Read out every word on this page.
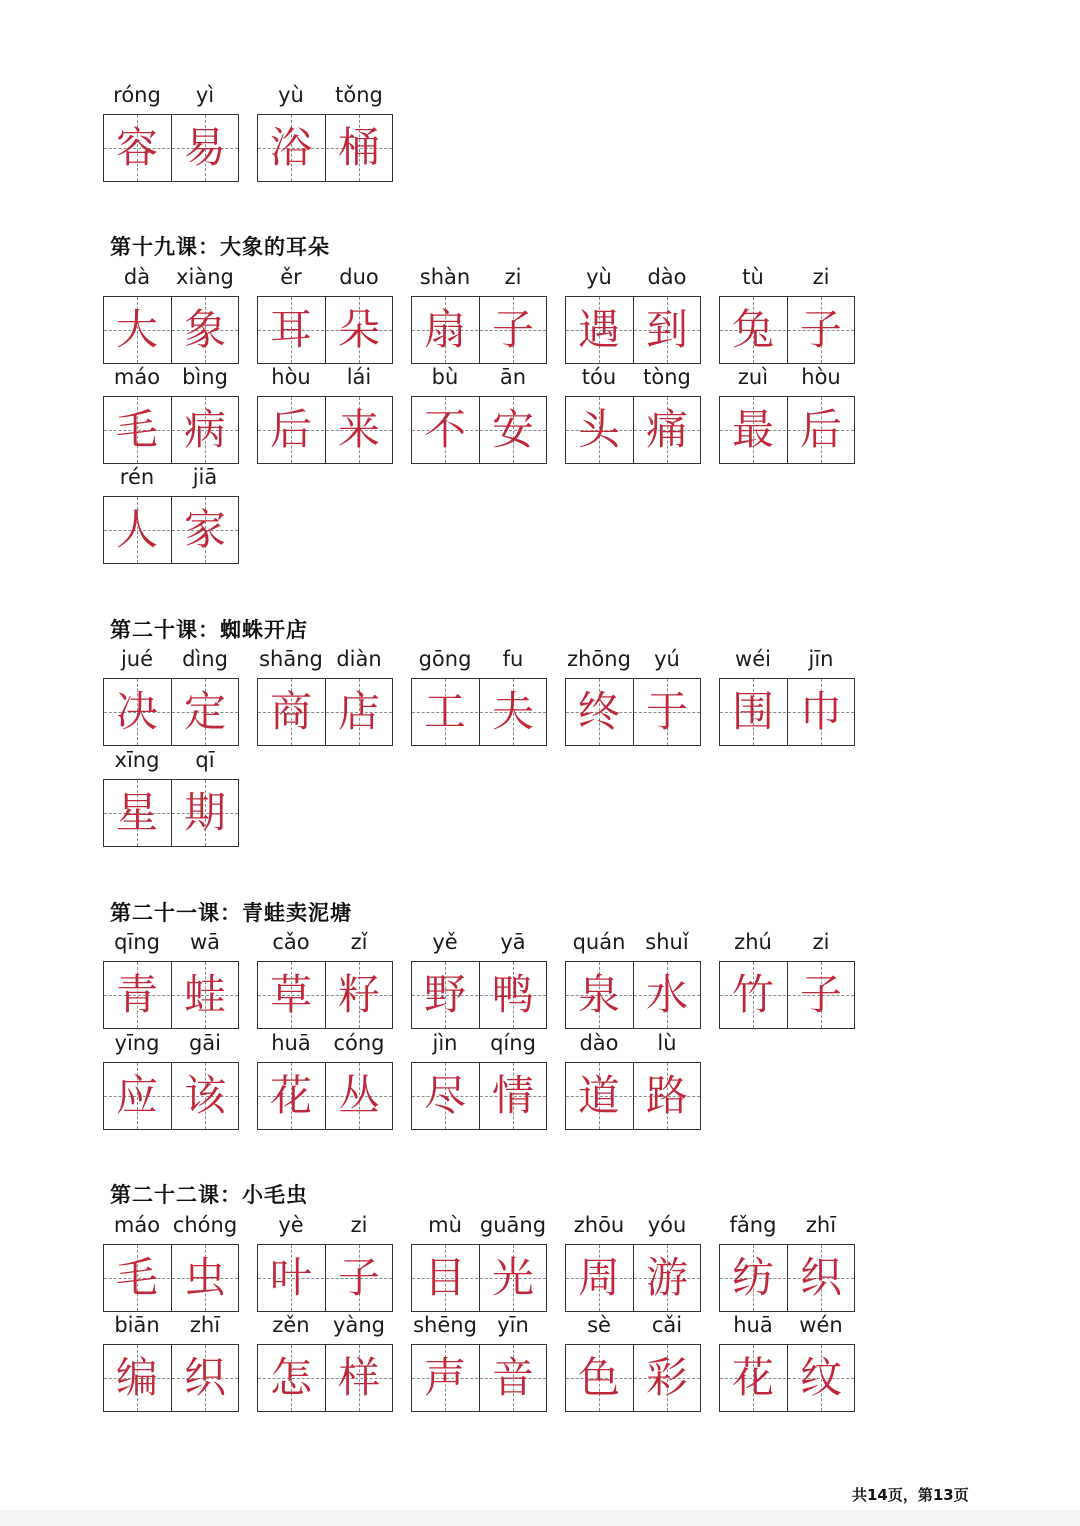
共14页，第13页
róng	yì
容 易
yù	tǒng
浴 桶
第十九课：大象的耳朵
dà	xiàng
大 象
ěr	duo
耳 朵
shàn	zi
扇 子
yù	dào
遇 到
tù	zi
兔 子
máo	bìng
毛 病
hòu	lái
后 来
bù	ān
不 安
tóu	tòng
头 痛
zuì	hòu
最 后
rén	jiā
人 家
第二十课：蜘蛛开店
jué	dìng
决 定
shāng diàn
商 店
gōng	fu
工 夫
zhōng	yú
终 于
wéi	jīn
围 巾
xīng	qī
星 期
第二十一课：青蛙卖泥塘
qīng	wā
青 蛙
cǎo	zǐ
草 籽
yě	yā
野 鸭
quán shuǐ
泉 水
zhú	zi
竹 子
yīng	gāi
应 该
huā	cóng
花 丛
jìn	qíng
尽 情
dào	lù
道 路
第二十二课：小毛虫
máo chóng
毛 虫
yè	zi
叶 子
mù guāng
目 光
zhōu	yóu
周 游
fǎng	zhī
纺 织
biān	zhī
编 织
zěn	yàng
怎 样
shēng yīn
声 音
sè	cǎi
色 彩
huā	wén
花 纹
